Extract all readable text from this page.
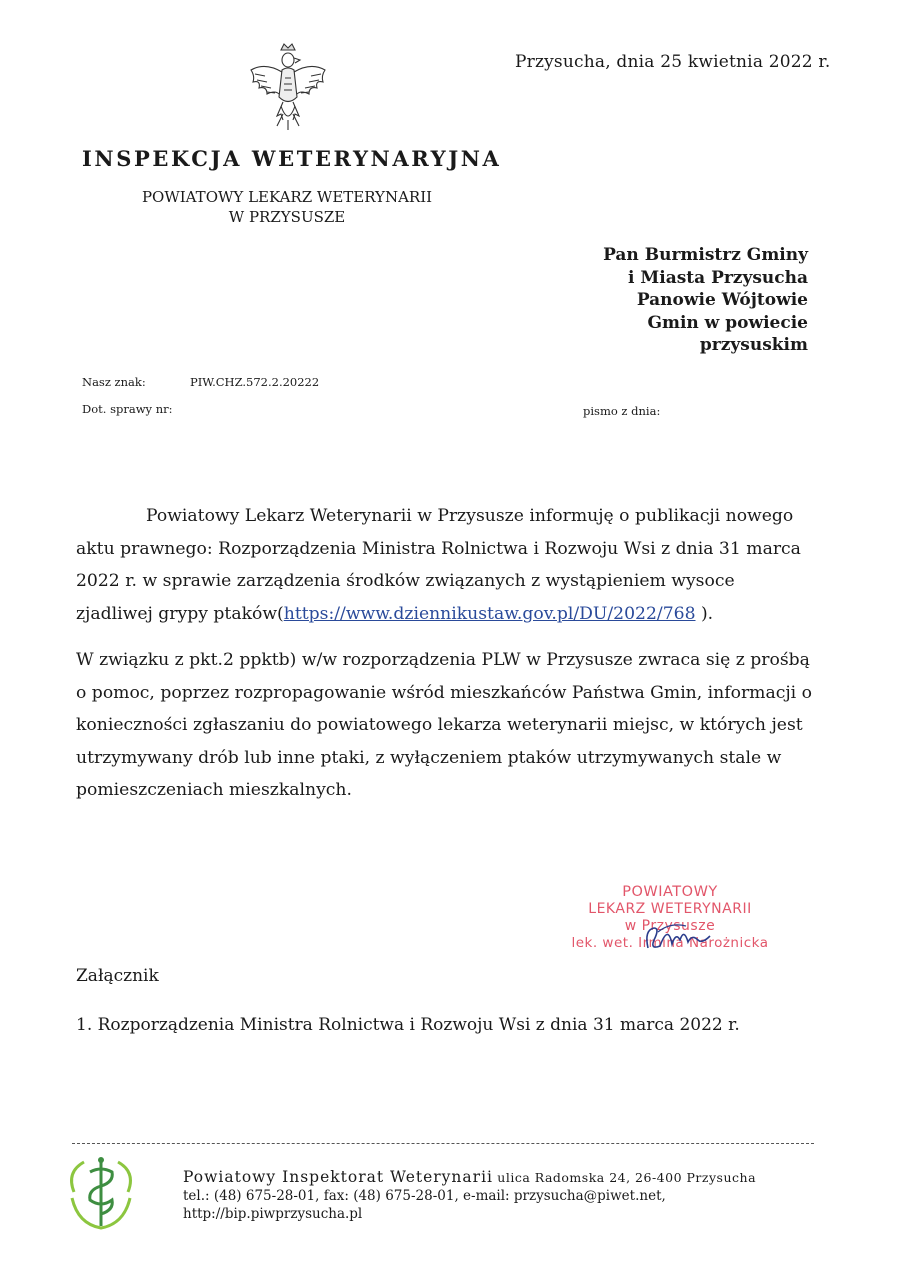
Przysucha, dnia 25 kwietnia 2022 r.
INSPEKCJA WETERYNARYJNA
POWIATOWY LEKARZ WETERYNARII
W PRZYSUSZE
Pan Burmistrz Gminy
i Miasta Przysucha
Panowie Wójtowie
Gmin w powiecie
przysuskim
Nasz znak:	PIW.CHZ.572.2.20222
Dot. sprawy nr:	pismo z dnia:
Powiatowy Lekarz Weterynarii w Przysusze informuję o publikacji nowego aktu prawnego: Rozporządzenia Ministra Rolnictwa i Rozwoju Wsi z dnia 31 marca 2022 r. w sprawie zarządzenia środków związanych z wystąpieniem wysoce zjadliwej grypy ptaków(https://www.dziennikustaw.gov.pl/DU/2022/768 ).
W związku z pkt.2 ppktb) w/w rozporządzenia PLW w Przysusze zwraca się z prośbą o pomoc, poprzez rozpropagowanie wśród mieszkańców Państwa Gmin, informacji o konieczności zgłaszaniu do powiatowego lekarza weterynarii miejsc, w których jest utrzymywany drób lub inne ptaki, z wyłączeniem ptaków utrzymywanych stale w pomieszczeniach mieszkalnych.
POWIATOWY
LEKARZ WETERYNARII
w Przysusze
lek. wet. Irmina Narożnicka
Załącznik
1. Rozporządzenia Ministra Rolnictwa i Rozwoju Wsi z dnia 31 marca 2022 r.
Powiatowy Inspektorat Weterynarii ulica Radomska 24, 26-400 Przysucha
tel.: (48) 675-28-01, fax: (48) 675-28-01, e-mail: przysucha@piwet.net,
http://bip.piwprzysucha.pl
